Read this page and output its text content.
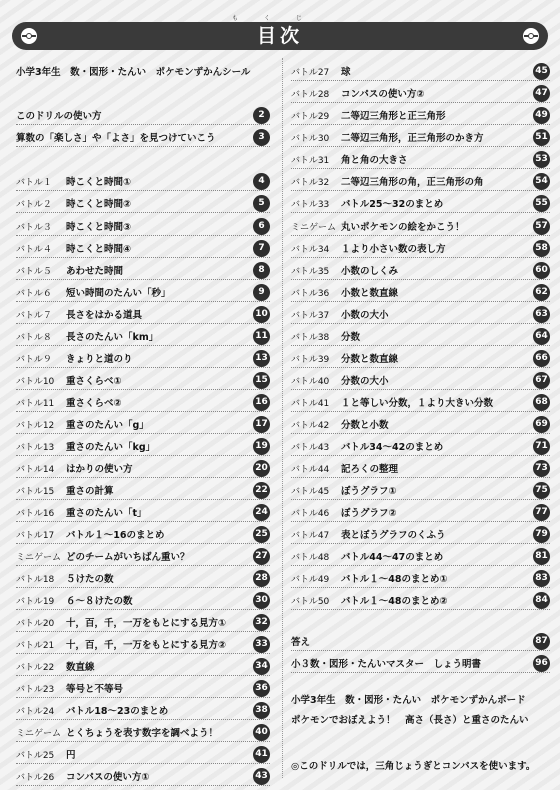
目次
もくじ
小学3年生　数・図形・たんい　ポケモンずかんシール
このドリルの使い方	2
算数の「楽しさ」や「よさ」を見つけていこう	3
バトル１	時こくと時間①	4
バトル２	時こくと時間②	5
バトル３	時こくと時間③	6
バトル４	時こくと時間④	7
バトル５	あわせた時間	8
バトル６	短い時間のたんい「秒」	9
バトル７	長さをはかる道具	10
バトル８	長さのたんい「km」	11
バトル９	きょりと道のり	13
バトル10	重さくらべ①	15
バトル11	重さくらべ②	16
バトル12	重さのたんい「g」	17
バトル13	重さのたんい「kg」	19
バトル14	はかりの使い方	20
バトル15	重さの計算	22
バトル16	重さのたんい「t」	24
バトル17	バトル１～16のまとめ	25
ミニゲーム どのチームがいちばん重い？	27
バトル18	５けたの数	28
バトル19	６～８けたの数	30
バトル20	十，百，千，一万をもとにする見方①	32
バトル21	十，百，千，一万をもとにする見方②	33
バトル22	数直線	34
バトル23	等号と不等号	36
バトル24	バトル18～23のまとめ	38
ミニゲーム とくちょうを表す数字を調べよう！	40
バトル25	円	41
バトル26	コンパスの使い方①	43
バトル27	球	45
バトル28	コンパスの使い方②	47
バトル29	二等辺三角形と正三角形	49
バトル30	二等辺三角形，正三角形のかき方	51
バトル31	角と角の大きさ	53
バトル32	二等辺三角形の角，正三角形の角	54
バトル33	バトル25～32のまとめ	55
ミニゲーム 丸いポケモンの絵をかこう！	57
バトル34	１より小さい数の表し方	58
バトル35	小数のしくみ	60
バトル36	小数と数直線	62
バトル37	小数の大小	63
バトル38	分数	64
バトル39	分数と数直線	66
バトル40	分数の大小	67
バトル41	１と等しい分数，１より大きい分数	68
バトル42	分数と小数	69
バトル43	バトル34～42のまとめ	71
バトル44	記ろくの整理	73
バトル45	ぼうグラフ①	75
バトル46	ぼうグラフ②	77
バトル47	表とぼうグラフのくふう	79
バトル48	バトル44～47のまとめ	81
バトル49	バトル１～48のまとめ①	83
バトル50	バトル１～48のまとめ②	84
答え	87
小３数・図形・たんいマスター　しょう明書	96
小学3年生　数・図形・たんい　ポケモンずかんボード
ポケモンでおぼえよう！　高さ（長さ）と重さのたんい
◎このドリルでは，三角じょうぎとコンパスを使います。
